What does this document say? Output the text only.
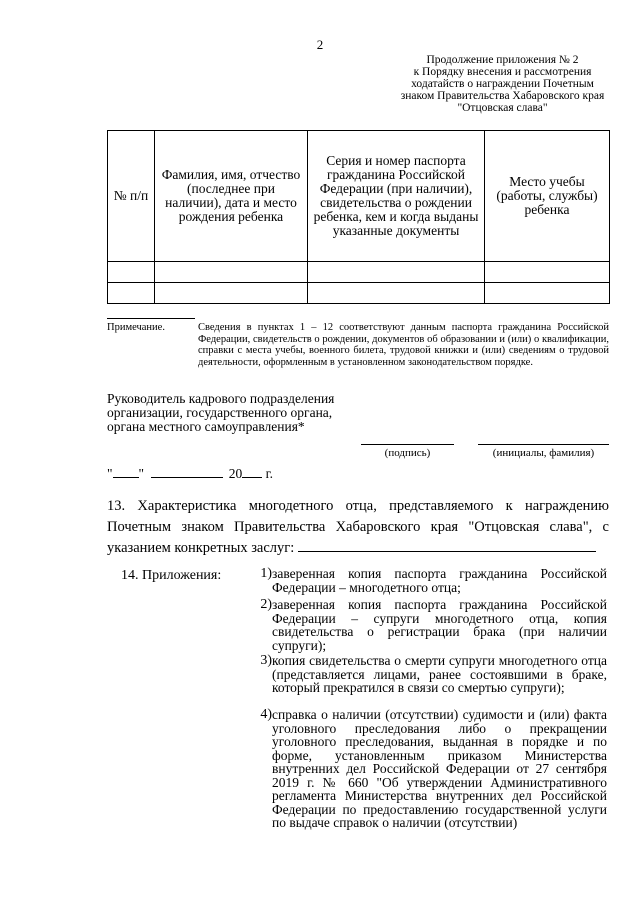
2
Продолжение приложения № 2
к Порядку внесения и рассмотрения
ходатайств о награждении Почетным
знаком Правительства Хабаровского края
"Отцовская слава"
№ п/п	Фамилия, имя, отчество (последнее при наличии), дата и место рождения ребенка	Серия и номер паспорта гражданина Российской Федерации (при наличии), свидетельства о рождении ребенка, кем и когда выданы указанные документы	Место учебы (работы, службы) ребенка

Примечание.	Сведения в пунктах 1 – 12 соответствуют данным паспорта гражданина Российской Федерации, свидетельств о рождении, документов об образовании и (или) о квалификации, справки с места учебы, военного билета, трудовой книжки и (или) сведениям о трудовой деятельности, оформленным в установленном законодательством порядке.
Руководитель кадрового подразделения организации, государственного органа, органа местного самоуправления*
(подпись)	(инициалы, фамилия)
" "	20 г.
13. Характеристика многодетного отца, представляемого к награждению Почетным знаком Правительства Хабаровского края "Отцовская слава", с указанием конкретных заслуг:
14. Приложения:	1) заверенная копия паспорта гражданина Российской Федерации – многодетного отца;
2) заверенная копия паспорта гражданина Российской Федерации – супруги многодетного отца, копия свидетельства о регистрации брака (при наличии супруги);
3) копия свидетельства о смерти супруги многодетного отца (представляется лицами, ранее состоявшими в браке, который прекратился в связи со смертью супруги);
4) справка о наличии (отсутствии) судимости и (или) факта уголовного преследования либо о прекращении уголовного преследования, выданная в порядке и по форме, установленным приказом Министерства внутренних дел Российской Федерации от 27 сентября 2019 г. № 660 "Об утверждении Административного регламента Министерства внутренних дел Российской Федерации по предоставлению государственной услуги по выдаче справок о наличии (отсутствии)
